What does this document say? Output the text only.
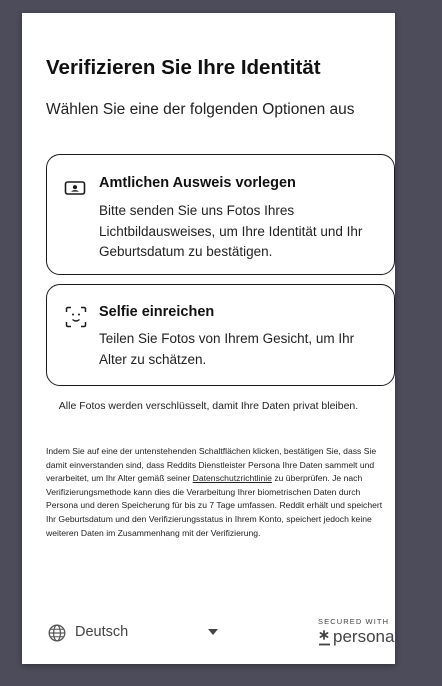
Verifizieren Sie Ihre Identität

Wählen Sie eine der folgenden Optionen aus

Amtlichen Ausweis vorlegen
Bitte senden Sie uns Fotos Ihres Lichtbildausweises, um Ihre Identität und Ihr Geburtsdatum zu bestätigen.
Selfie einreichen
Teilen Sie Fotos von Ihrem Gesicht, um Ihr Alter zu schätzen.
Alle Fotos werden verschlüsselt, damit Ihre Daten privat bleiben.

Indem Sie auf eine der untenstehenden Schaltflächen klicken, bestätigen Sie, dass Sie damit einverstanden sind, dass Reddits Dienstleister Persona Ihre Daten sammelt und verarbeitet, um Ihr Alter gemäß seiner Datenschutzrichtlinie zu überprüfen. Je nach Verifizierungsmethode kann dies die Verarbeitung Ihrer biometrischen Daten durch Persona und deren Speicherung für bis zu 7 Tage umfassen. Reddit erhält und speichert Ihr Geburtsdatum und den Verifizierungsstatus in Ihrem Konto, speichert jedoch keine weiteren Daten im Zusammenhang mit der Verifizierung.

Deutsch
SECURED WITH
persona
